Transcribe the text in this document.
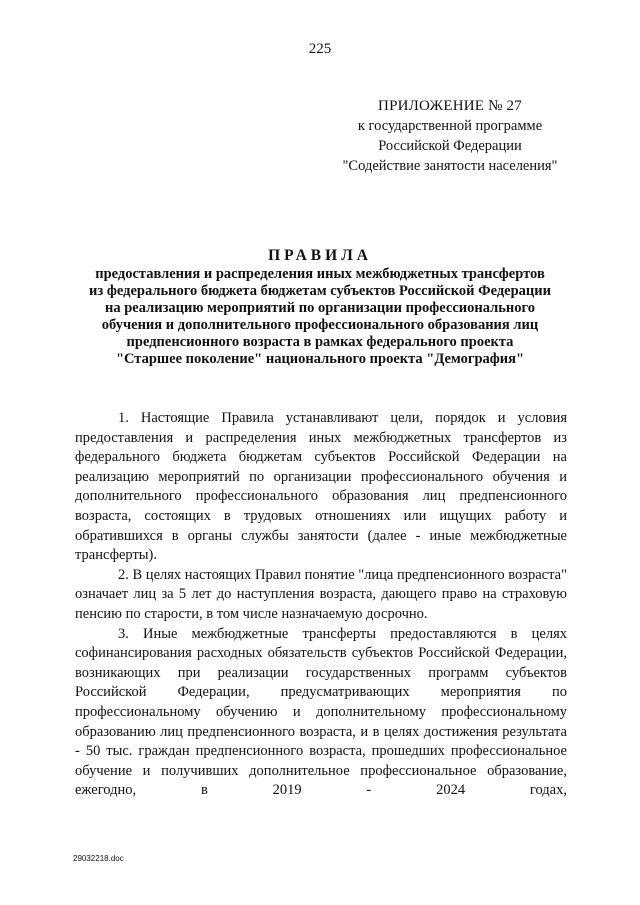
225
ПРИЛОЖЕНИЕ № 27
к государственной программе
Российской Федерации
"Содействие занятости населения"
ПРАВИЛА
предоставления и распределения иных межбюджетных трансфертов
из федерального бюджета бюджетам субъектов Российской Федерации
на реализацию мероприятий по организации профессионального
обучения и дополнительного профессионального образования лиц
предпенсионного возраста в рамках федерального проекта
"Старшее поколение" национального проекта "Демография"

1. Настоящие Правила устанавливают цели, порядок и условия предоставления и распределения иных межбюджетных трансфертов из федерального бюджета бюджетам субъектов Российской Федерации на реализацию мероприятий по организации профессионального обучения и дополнительного профессионального образования лиц предпенсионного возраста, состоящих в трудовых отношениях или ищущих работу и обратившихся в органы службы занятости (далее - иные межбюджетные трансферты).

2. В целях настоящих Правил понятие "лица предпенсионного возраста" означает лиц за 5 лет до наступления возраста, дающего право на страховую пенсию по старости, в том числе назначаемую досрочно.

3. Иные межбюджетные трансферты предоставляются в целях софинансирования расходных обязательств субъектов Российской Федерации, возникающих при реализации государственных программ субъектов Российской Федерации, предусматривающих мероприятия по профессиональному обучению и дополнительному профессиональному образованию лиц предпенсионного возраста, и в целях достижения результата - 50 тыс. граждан предпенсионного возраста, прошедших профессиональное обучение и получивших дополнительное профессиональное образование, ежегодно, в 2019 - 2024 годах,

29032218.doc
